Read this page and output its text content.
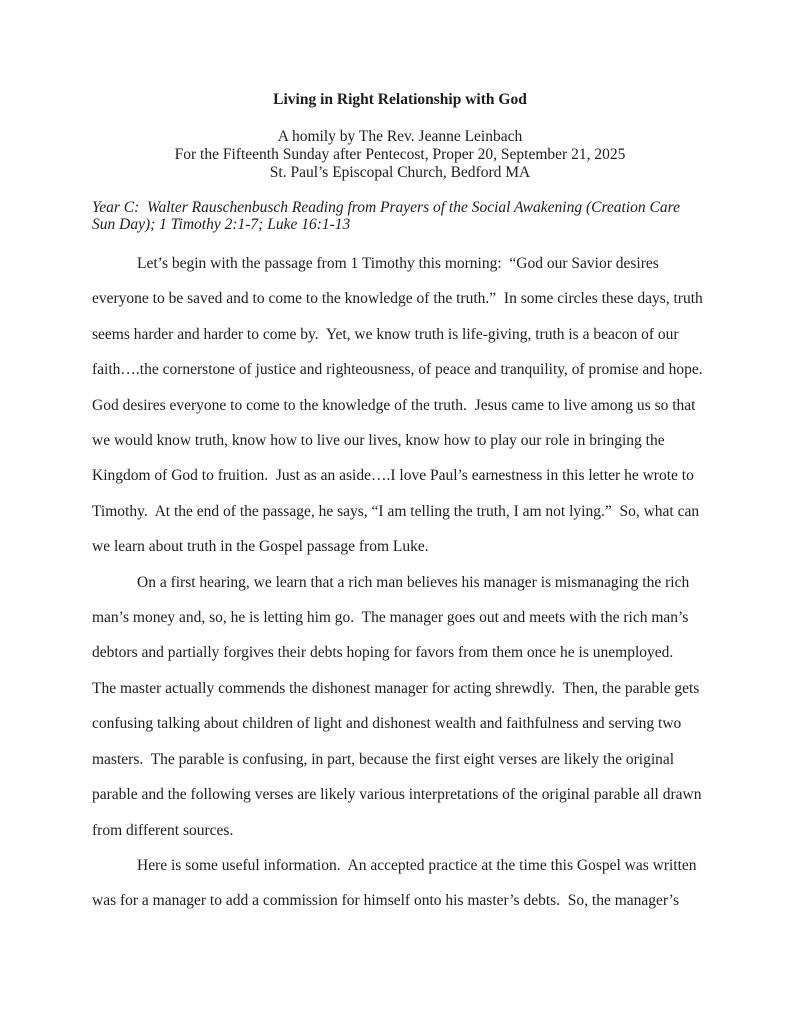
Living in Right Relationship with God
A homily by The Rev. Jeanne Leinbach
For the Fifteenth Sunday after Pentecost, Proper 20, September 21, 2025
St. Paul’s Episcopal Church, Bedford MA
Year C:  Walter Rauschenbusch Reading from Prayers of the Social Awakening (Creation Care
Sun Day); 1 Timothy 2:1-7; Luke 16:1-13
Let’s begin with the passage from 1 Timothy this morning:  “God our Savior desires
everyone to be saved and to come to the knowledge of the truth.”  In some circles these days, truth
seems harder and harder to come by.  Yet, we know truth is life-giving, truth is a beacon of our
faith….the cornerstone of justice and righteousness, of peace and tranquility, of promise and hope.
God desires everyone to come to the knowledge of the truth.  Jesus came to live among us so that
we would know truth, know how to live our lives, know how to play our role in bringing the
Kingdom of God to fruition.  Just as an aside….I love Paul’s earnestness in this letter he wrote to
Timothy.  At the end of the passage, he says, “I am telling the truth, I am not lying.”  So, what can
we learn about truth in the Gospel passage from Luke.
On a first hearing, we learn that a rich man believes his manager is mismanaging the rich
man’s money and, so, he is letting him go.  The manager goes out and meets with the rich man’s
debtors and partially forgives their debts hoping for favors from them once he is unemployed.
The master actually commends the dishonest manager for acting shrewdly.  Then, the parable gets
confusing talking about children of light and dishonest wealth and faithfulness and serving two
masters.  The parable is confusing, in part, because the first eight verses are likely the original
parable and the following verses are likely various interpretations of the original parable all drawn
from different sources.
Here is some useful information.  An accepted practice at the time this Gospel was written
was for a manager to add a commission for himself onto his master’s debts.  So, the manager’s
